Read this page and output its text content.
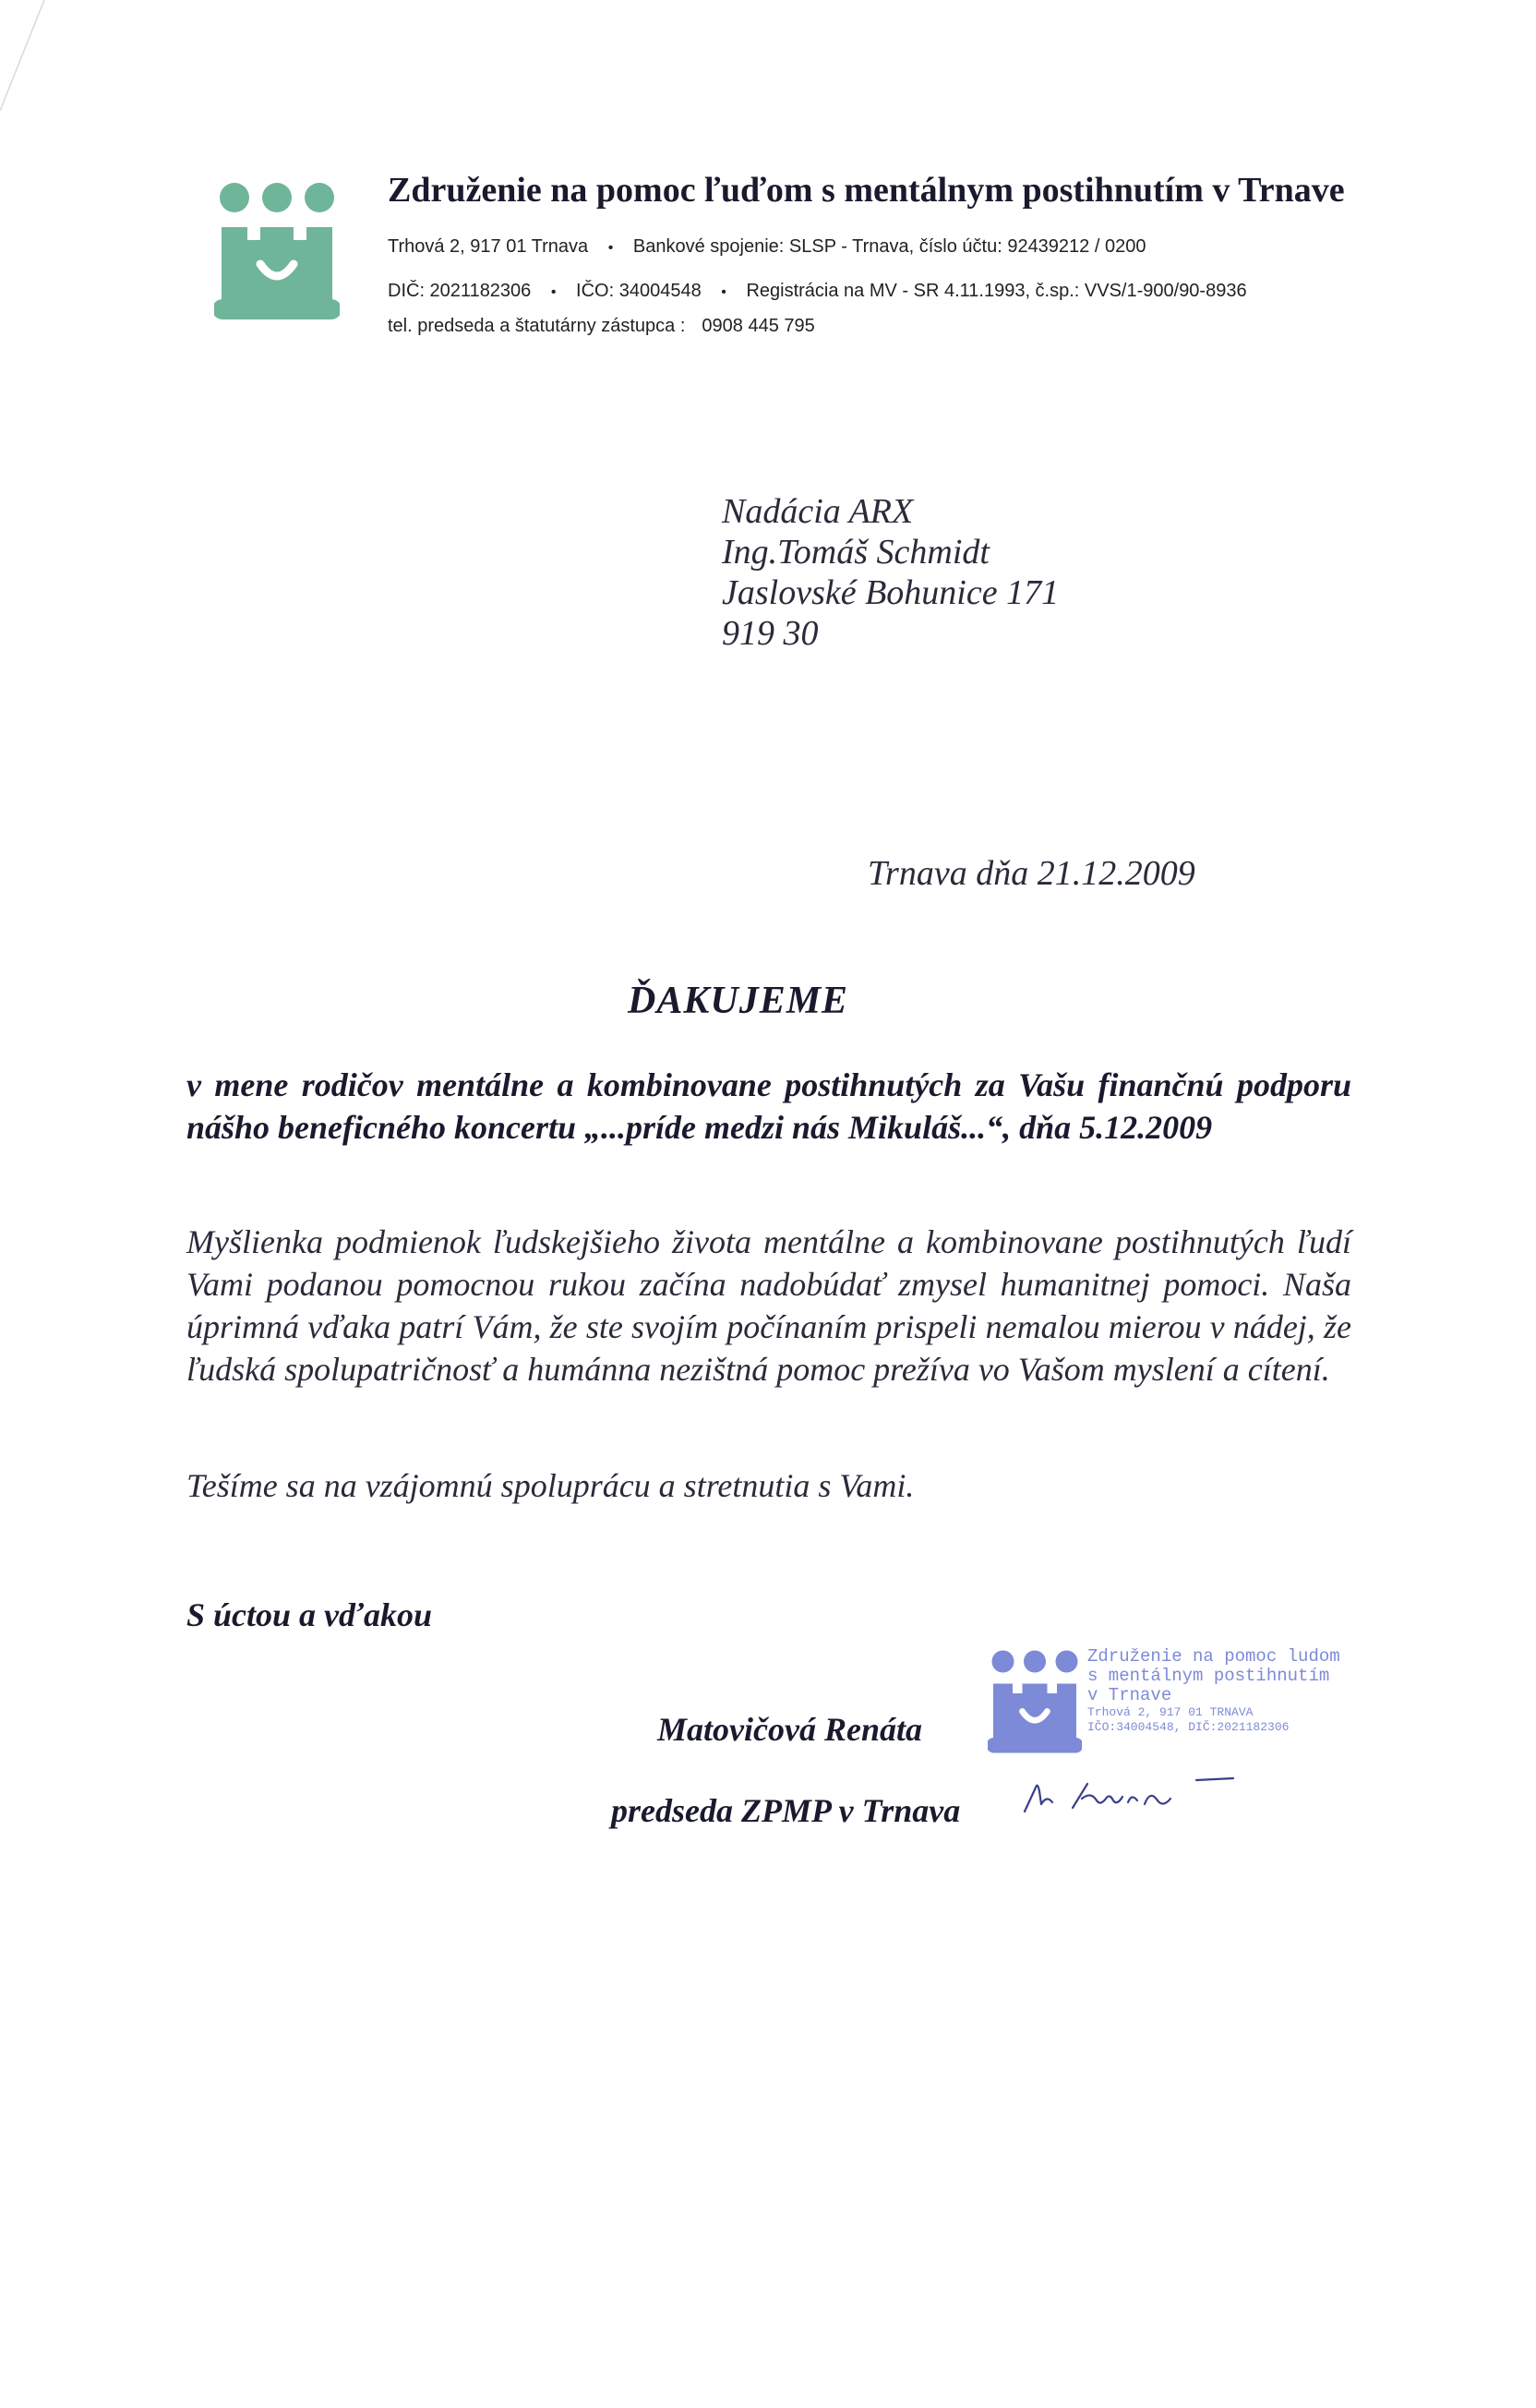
Združenie na pomoc ľuďom s mentálnym postihnutím v Trnave
Trhová 2, 917 01 Trnava • Bankové spojenie: SLSP - Trnava, číslo účtu: 92439212 / 0200
DIČ: 2021182306 • IČO: 34004548 • Registrácia na MV - SR 4.11.1993, č.sp.: VVS/1-900/90-8936
tel. predseda a štatutárny zástupca : 0908 445 795
Nadácia ARX
Ing.Tomáš Schmidt
Jaslovské Bohunice 171
919 30
Trnava dňa 21.12.2009
ĎAKUJEME
v mene rodičov mentálne a kombinovane postihnutých za Vašu finančnú podporu nášho beneficného koncertu „...príde medzi nás Mikuláš...“, dňa 5.12.2009
Myšlienka podmienok ľudskejšieho života mentálne a kombinovane postihnutých ľudí Vami podanou pomocnou rukou začína nadobúdať zmysel humanitnej pomoci. Naša úprimná vďaka patrí Vám, že ste svojím počínaním prispeli nemalou mierou v nádej, že ľudská spolupatričnosť a humánna nezištná pomoc prežíva vo Vašom myslení a cítení.
Tešíme sa na vzájomnú spoluprácu a stretnutia s Vami.
S úctou a vďakou
Matovičová Renáta
predseda ZPMP v Trnava
Združenie na pomoc ludom
s mentálnym postihnutím
v Trnave
Trhová 2, 917 01 TRNAVA
IČO:34004548, DIČ:2021182306
